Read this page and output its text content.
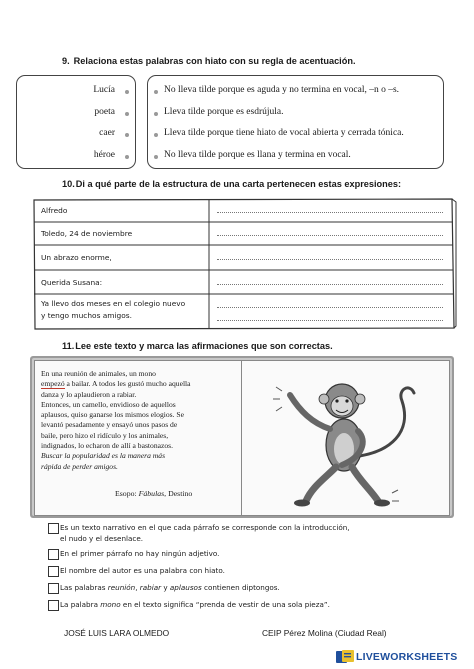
9. Relaciona estas palabras con hiato con su regla de acentuación.
Lucía
poeta
caer
héroe
No lleva tilde porque es aguda y no termina en vocal, –n o –s.
Lleva tilde porque es esdrújula.
Lleva tilde porque tiene hiato de vocal abierta y cerrada tónica.
No lleva tilde porque es llana y termina en vocal.
10.Di a qué parte de la estructura de una carta pertenecen estas expresiones:
Alfredo
Toledo, 24 de noviembre
Un abrazo enorme,
Querida Susana:
Ya llevo dos meses en el colegio nuevo
y tengo muchos amigos.
11.Lee este texto y marca las afirmaciones que son correctas.
En una reunión de animales, un mono
empezó a bailar. A todos les gustó mucho aquella
danza y lo aplaudieron a rabiar.
Entonces, un camello, envidioso de aquellos
aplausos, quiso ganarse los mismos elogios. Se
levantó pesadamente y ensayó unos pasos de
baile, pero hizo el ridículo y los animales,
indignados, lo echaron de allí a bastonazos.
Buscar la popularidad es la manera más
rápida de perder amigos.
Esopo: Fábulas, Destino
Es un texto narrativo en el que cada párrafo se corresponde con la introducción,
el nudo y el desenlace.
En el primer párrafo no hay ningún adjetivo.
El nombre del autor es una palabra con hiato.
Las palabras reunión, rabiar y aplausos contienen diptongos.
La palabra mono en el texto significa “prenda de vestir de una sola pieza”.
JOSÉ LUIS LARA OLMEDO	CEIP Pérez Molina (Ciudad Real)
LIVEWORKSHEETS
